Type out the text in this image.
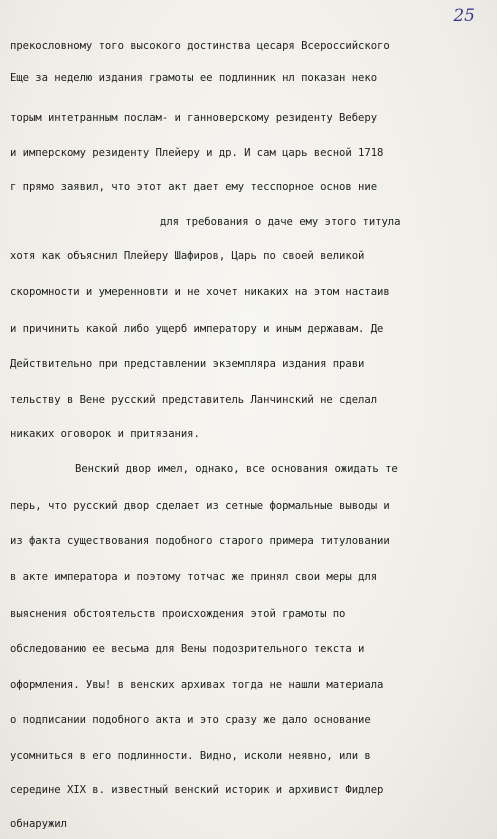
25
прекословному того высокого достинства цесаря Всероссийского
Еще за неделю издания грамоты ее подлинник нл показан неко
торым интетранным послам- и ганноверскому резиденту Веберу
и имперскому резиденту Плейеру и др. И сам царь весной 1718
г прямо заявил, что этот акт дает ему тесспорное основ ние
для требования о даче ему этого титула
хотя как объяснил Плейеру Шафиров, Царь по своей великой
скоромности и умеренновти и не хочет никаких на этом настаив
и причинить какой либо ущерб императору и иным державам. Де
Действительно при представлении экземпляра издания прави
тельству в Вене русский представитель Ланчинский не сделал
никаких оговорок и притязания.
Венский двор имел, однако, все основания ожидать те
перь, что русский двор сделает из сетные формальные выводы и
из факта существования подобного старого примера титуловании
в акте императора и поэтому тотчас же принял свои меры для
выяснения обстоятельств происхождения этой грамоты по
обследованию ее весьма для Вены подозрительного текста и
оформления. Увы! в венских архивах тогда не нашли материала
о подписании подобного акта и это сразу же дало основание
усомниться в его подлинности. Видно, исколи неявно, или в
середине XIX в. известный венский историк и архивист Фидлер
обнаружил
